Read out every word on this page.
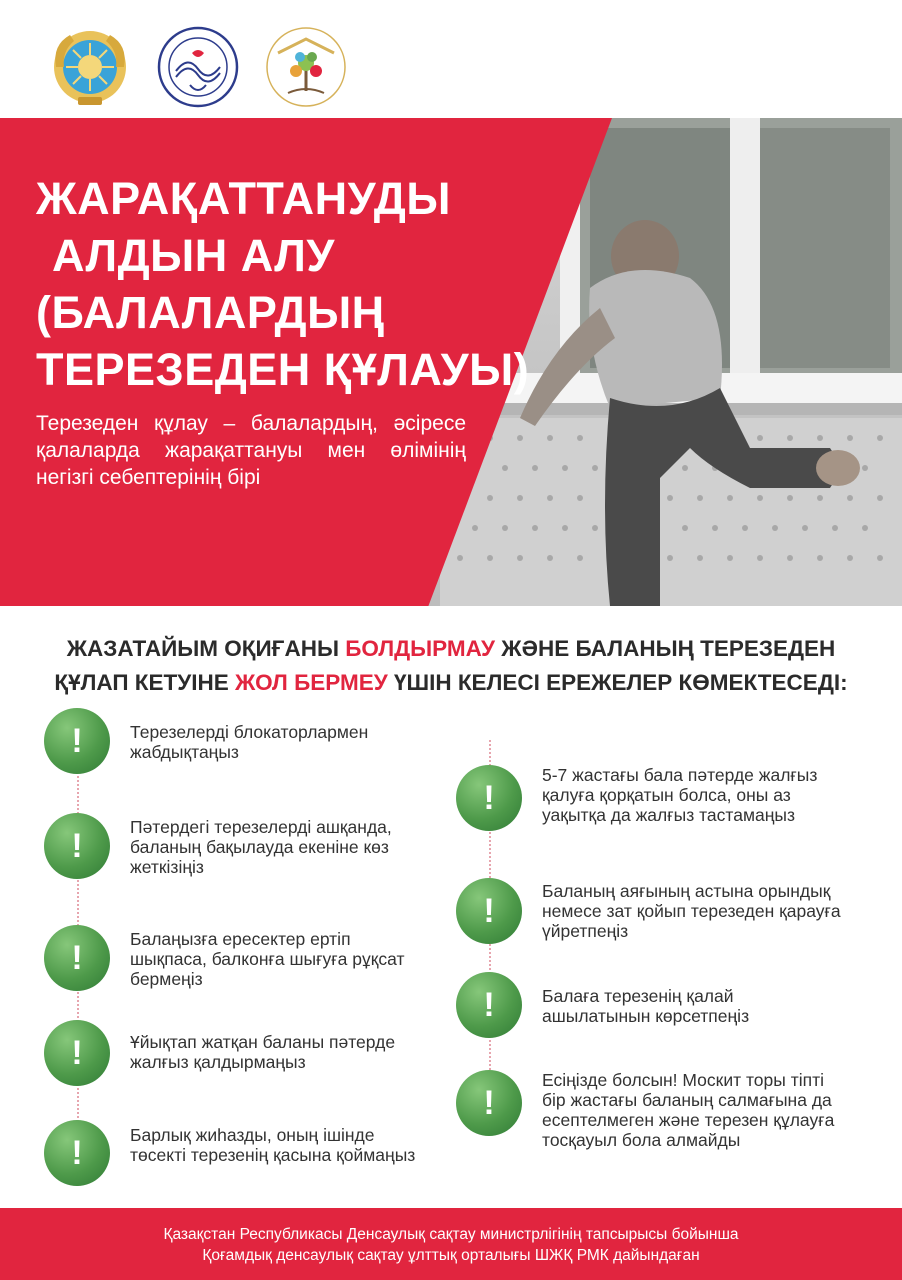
ЖАРАҚАТТАНУДЫ
АЛДЫН АЛУ
(БАЛАЛАРДЫҢ
ТЕРЕЗЕДЕН ҚҰЛАУЫ)

Терезеден құлау – балалардың, әсіресе қалаларда жарақаттануы мен өлімінің негізгі себептерінің бірі

ЖАЗАТАЙЫМ ОҚИҒАНЫ БОЛДЫРМАУ ЖӘНЕ БАЛАНЫҢ ТЕРЕЗЕДЕН
ҚҰЛАП КЕТУІНЕ ЖОЛ БЕРМЕУ ҮШІН КЕЛЕСІ ЕРЕЖЕЛЕР КӨМЕКТЕСЕДІ:
!	Терезелерді блокаторлармен жабдықтаңыз
!	Пәтердегі терезелерді ашқанда, баланың бақылауда екеніне көз жеткізіңіз
!	Балаңызға ересектер ертіп шықпаса, балконға шығуға рұқсат бермеңіз
!	Ұйықтап жатқан баланы пәтерде жалғыз қалдырмаңыз
!	Барлық жиһазды, оның ішінде төсекті терезенің қасына қоймаңыз
!
5-7 жастағы бала пәтерде жалғыз қалуға қорқатын болса, оны аз уақытқа да жалғыз тастамаңыз
!
Баланың аяғының астына орындық немесе зат қойып терезеден қарауға үйретпеңіз
!	Балаға терезенің қалай ашылатынын көрсетпеңіз
!
Есіңізде болсын! Москит торы тіпті бір жастағы баланың салмағына да есептелмеген және терезен құлауға тосқауыл бола алмайды
Қазақстан Республикасы Денсаулық сақтау министрлігінің тапсырысы бойынша
Қоғамдық денсаулық сақтау ұлттық орталығы ШЖҚ РМК дайындаған
